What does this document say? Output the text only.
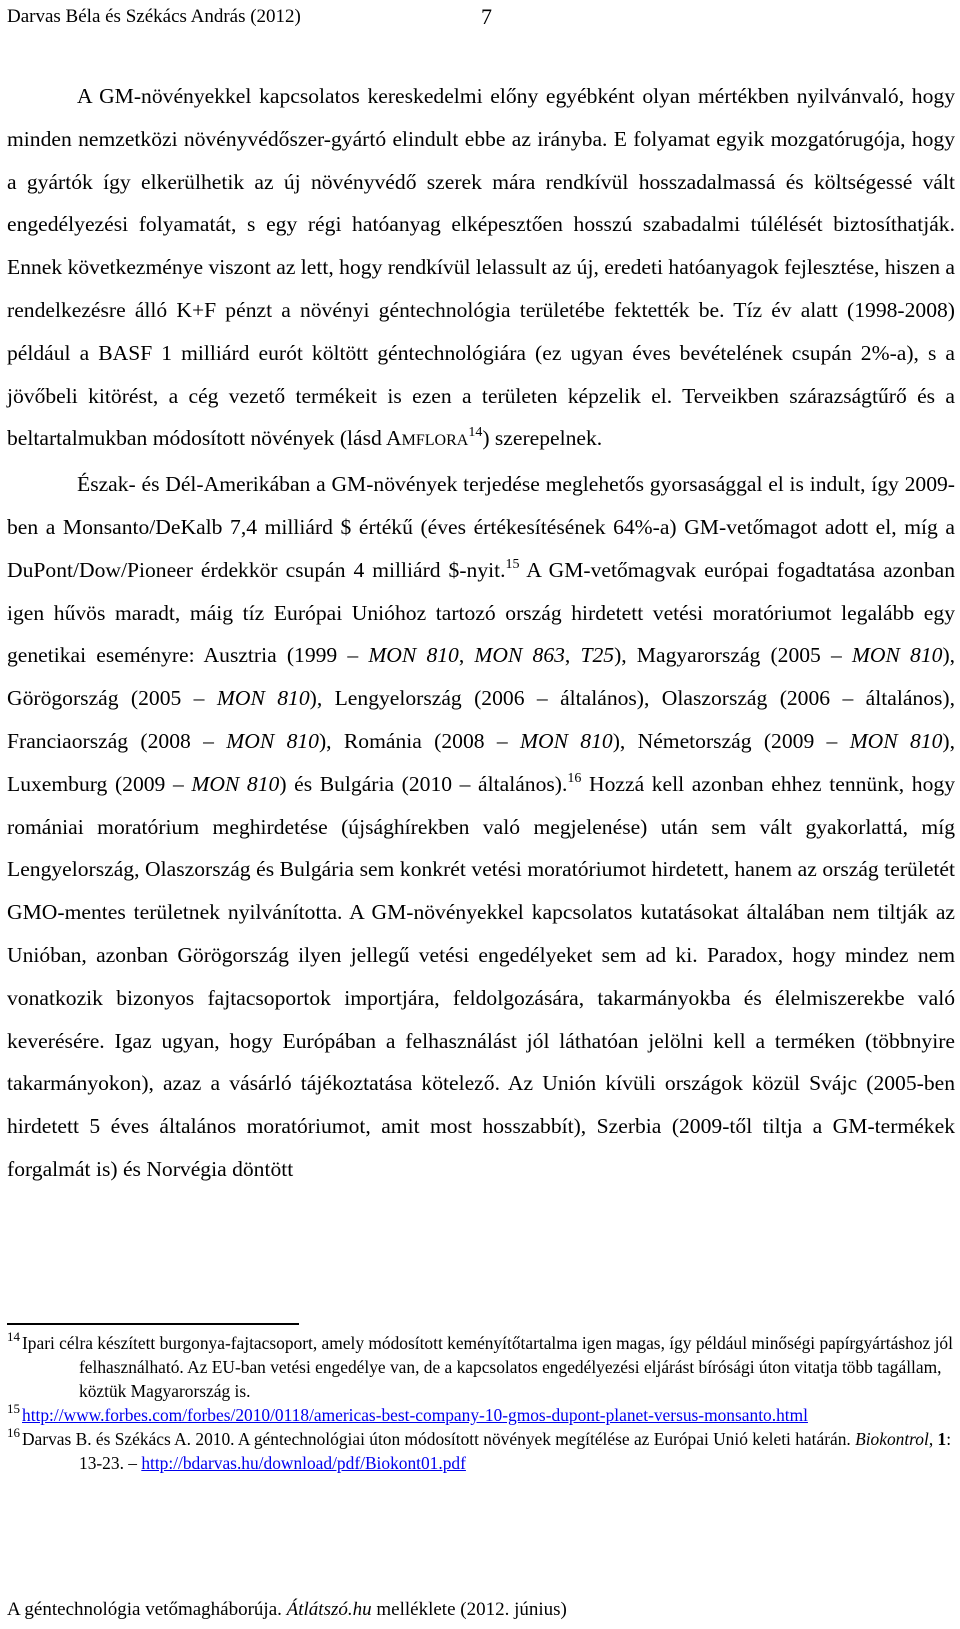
Darvas Béla és Székács András (2012)	7

A GM-növényekkel kapcsolatos kereskedelmi előny egyébként olyan mértékben nyilvánvaló, hogy minden nemzetközi növényvédőszer-gyártó elindult ebbe az irányba. E folyamat egyik mozgatórugója, hogy a gyártók így elkerülhetik az új növényvédő szerek mára rendkívül hosszadalmassá és költségessé vált engedélyezési folyamatát, s egy régi hatóanyag elképesztően hosszú szabadalmi túlélését biztosíthatják. Ennek következménye viszont az lett, hogy rendkívül lelassult az új, eredeti hatóanyagok fejlesztése, hiszen a rendelkezésre álló K+F pénzt a növényi géntechnológia területébe fektették be. Tíz év alatt (1998-2008) például a BASF 1 milliárd eurót költött géntechnológiára (ez ugyan éves bevételének csupán 2%-a), s a jövőbeli kitörést, a cég vezető termékeit is ezen a területen képzelik el. Terveikben szárazságtűrő és a beltartalmukban módosított növények (lásd AMFLORA$^{14}$) szerepelnek.

Észak- és Dél-Amerikában a GM-növények terjedése meglehetős gyorsasággal el is indult, így 2009-ben a Monsanto/DeKalb 7,4 milliárd $ értékű (éves értékesítésének 64%-a) GM-vetőmagot adott el, míg a DuPont/Dow/Pioneer érdekkör csupán 4 milliárd $-nyit.$^{15}$ A GM-vetőmagvak európai fogadtatása azonban igen hűvös maradt, máig tíz Európai Unióhoz tartozó ország hirdetett vetési moratóriumot legalább egy genetikai eseményre: Ausztria (1999 – MON 810, MON 863, T25), Magyarország (2005 – MON 810), Görögország (2005 – MON 810), Lengyelország (2006 – általános), Olaszország (2006 – általános), Franciaország (2008 – MON 810), Románia (2008 – MON 810), Németország (2009 – MON 810), Luxemburg (2009 – MON 810) és Bulgária (2010 – általános).$^{16}$ Hozzá kell azonban ehhez tennünk, hogy romániai moratórium meghirdetése (újsághírekben való megjelenése) után sem vált gyakorlattá, míg Lengyelország, Olaszország és Bulgária sem konkrét vetési moratóriumot hirdetett, hanem az ország területét GMO-mentes területnek nyilvánította. A GM-növényekkel kapcsolatos kutatásokat általában nem tiltják az Unióban, azonban Görögország ilyen jellegű vetési engedélyeket sem ad ki. Paradox, hogy mindez nem vonatkozik bizonyos fajtacsoportok importjára, feldolgozására, takarmányokba és élelmiszerekbe való keverésére. Igaz ugyan, hogy Európában a felhasználást jól láthatóan jelölni kell a terméken (többnyire takarmányokon), azaz a vásárló tájékoztatása kötelező. Az Unión kívüli országok közül Svájc (2005-ben hirdetett 5 éves általános moratóriumot, amit most hosszabbít), Szerbia (2009-től tiltja a GM-termékek forgalmát is) és Norvégia döntött

14 Ipari célra készített burgonya-fajtacsoport, amely módosított keményítőtartalma igen magas, így például minőségi papírgyártáshoz jól felhasználható. Az EU-ban vetési engedélye van, de a kapcsolatos engedélyezési eljárást bírósági úton vitatja több tagállam, köztük Magyarország is.
15 http://www.forbes.com/forbes/2010/0118/americas-best-company-10-gmos-dupont-planet-versus-monsanto.html
16 Darvas B. és Székács A. 2010. A géntechnológiai úton módosított növények megítélése az Európai Unió keleti határán. Biokontrol, 1: 13-23. – http://bdarvas.hu/download/pdf/Biokont01.pdf
A géntechnológia vetőmagháborúja. Átlátszó.hu melléklete (2012. június)
